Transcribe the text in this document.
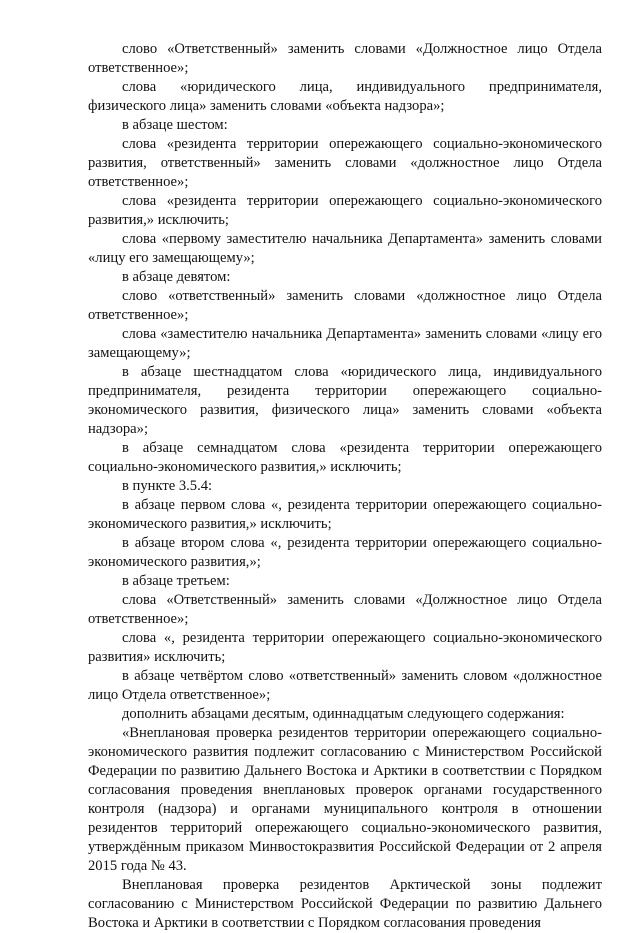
слово «Ответственный» заменить словами «Должностное лицо Отдела ответственное»;

слова «юридического лица, индивидуального предпринимателя, физического лица» заменить словами «объекта надзора»;

в абзаце шестом:

слова «резидента территории опережающего социально-экономического развития, ответственный» заменить словами «должностное лицо Отдела ответственное»;

слова «резидента территории опережающего социально-экономического развития,» исключить;

слова «первому заместителю начальника Департамента» заменить словами «лицу его замещающему»;

в абзаце девятом:

слово «ответственный» заменить словами «должностное лицо Отдела ответственное»;

слова «заместителю начальника Департамента» заменить словами «лицу его замещающему»;

в абзаце шестнадцатом слова «юридического лица, индивидуального предпринимателя, резидента территории опережающего социально-экономического развития, физического лица» заменить словами «объекта надзора»;

в абзаце семнадцатом слова «резидента территории опережающего социально-экономического развития,» исключить;

в пункте 3.5.4:

в абзаце первом слова «, резидента территории опережающего социально-экономического развития,» исключить;

в абзаце втором слова «, резидента территории опережающего социально-экономического развития,»;

в абзаце третьем:

слова «Ответственный» заменить словами «Должностное лицо Отдела ответственное»;

слова «, резидента территории опережающего социально-экономического развития» исключить;

в абзаце четвёртом слово «ответственный» заменить словом «должностное лицо Отдела ответственное»;

дополнить абзацами десятым, одиннадцатым следующего содержания:

«Внеплановая проверка резидентов территории опережающего социально-экономического развития подлежит согласованию с Министерством Российской Федерации по развитию Дальнего Востока и Арктики в соответствии с Порядком согласования проведения внеплановых проверок органами государственного контроля (надзора) и органами муниципального контроля в отношении резидентов территорий опережающего социально-экономического развития, утверждённым приказом Минвостокразвития Российской Федерации от 2 апреля 2015 года № 43.

Внеплановая проверка резидентов Арктической зоны подлежит согласованию с Министерством Российской Федерации по развитию Дальнего Востока и Арктики в соответствии с Порядком согласования проведения
